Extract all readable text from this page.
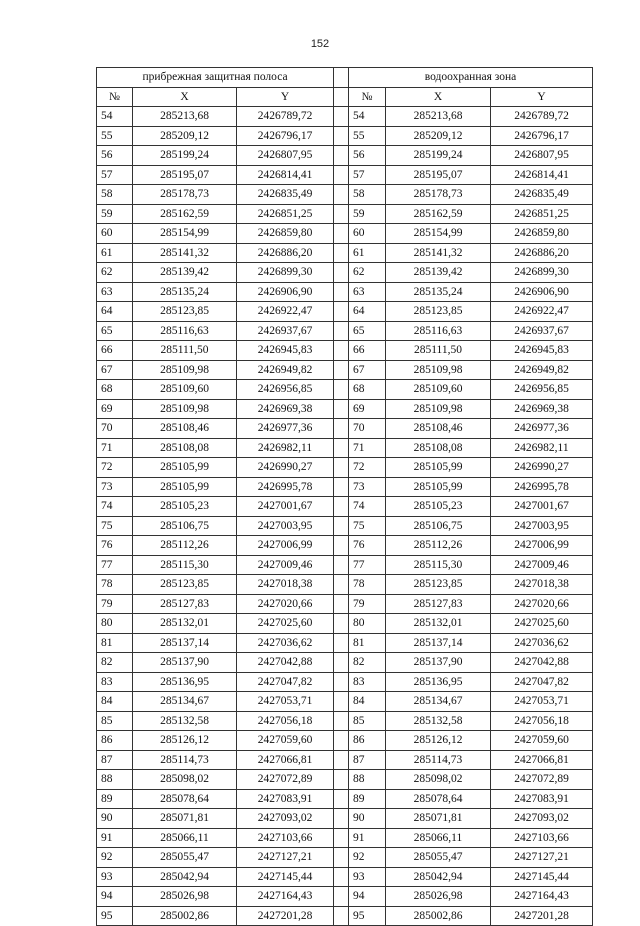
152
прибрежная защитная полоса				водоохранная зона		
№	X	Y		№	X	Y
54	285213,68	2426789,72		54	285213,68	2426789,72
55	285209,12	2426796,17		55	285209,12	2426796,17
56	285199,24	2426807,95		56	285199,24	2426807,95
57	285195,07	2426814,41		57	285195,07	2426814,41
58	285178,73	2426835,49		58	285178,73	2426835,49
59	285162,59	2426851,25		59	285162,59	2426851,25
60	285154,99	2426859,80		60	285154,99	2426859,80
61	285141,32	2426886,20		61	285141,32	2426886,20
62	285139,42	2426899,30		62	285139,42	2426899,30
63	285135,24	2426906,90		63	285135,24	2426906,90
64	285123,85	2426922,47		64	285123,85	2426922,47
65	285116,63	2426937,67		65	285116,63	2426937,67
66	285111,50	2426945,83		66	285111,50	2426945,83
67	285109,98	2426949,82		67	285109,98	2426949,82
68	285109,60	2426956,85		68	285109,60	2426956,85
69	285109,98	2426969,38		69	285109,98	2426969,38
70	285108,46	2426977,36		70	285108,46	2426977,36
71	285108,08	2426982,11		71	285108,08	2426982,11
72	285105,99	2426990,27		72	285105,99	2426990,27
73	285105,99	2426995,78		73	285105,99	2426995,78
74	285105,23	2427001,67		74	285105,23	2427001,67
75	285106,75	2427003,95		75	285106,75	2427003,95
76	285112,26	2427006,99		76	285112,26	2427006,99
77	285115,30	2427009,46		77	285115,30	2427009,46
78	285123,85	2427018,38		78	285123,85	2427018,38
79	285127,83	2427020,66		79	285127,83	2427020,66
80	285132,01	2427025,60		80	285132,01	2427025,60
81	285137,14	2427036,62		81	285137,14	2427036,62
82	285137,90	2427042,88		82	285137,90	2427042,88
83	285136,95	2427047,82		83	285136,95	2427047,82
84	285134,67	2427053,71		84	285134,67	2427053,71
85	285132,58	2427056,18		85	285132,58	2427056,18
86	285126,12	2427059,60		86	285126,12	2427059,60
87	285114,73	2427066,81		87	285114,73	2427066,81
88	285098,02	2427072,89		88	285098,02	2427072,89
89	285078,64	2427083,91		89	285078,64	2427083,91
90	285071,81	2427093,02		90	285071,81	2427093,02
91	285066,11	2427103,66		91	285066,11	2427103,66
92	285055,47	2427127,21		92	285055,47	2427127,21
93	285042,94	2427145,44		93	285042,94	2427145,44
94	285026,98	2427164,43		94	285026,98	2427164,43
95	285002,86	2427201,28		95	285002,86	2427201,28
